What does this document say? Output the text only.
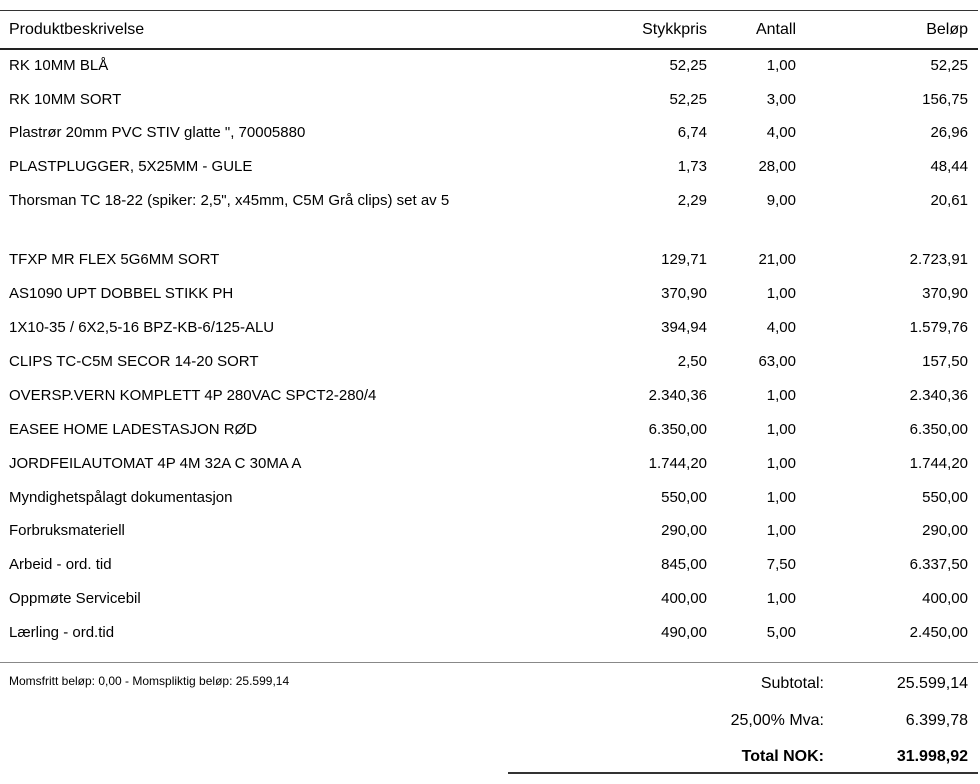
Produktbeskrivelse	Stykkpris	Antall	Beløp
RK 10MM BLÅ	52,25	1,00	52,25
RK 10MM SORT	52,25	3,00	156,75
Plastrør 20mm PVC STIV glatte ", 70005880	6,74	4,00	26,96
PLASTPLUGGER, 5X25MM - GULE	1,73	28,00	48,44
Thorsman TC 18-22 (spiker: 2,5", x45mm, C5M Grå clips) set av 5	2,29	9,00	20,61
TFXP MR FLEX 5G6MM SORT	129,71	21,00	2.723,91
AS1090 UPT DOBBEL STIKK PH	370,90	1,00	370,90
1X10-35 / 6X2,5-16 BPZ-KB-6/125-ALU	394,94	4,00	1.579,76
CLIPS TC-C5M SECOR 14-20 SORT	2,50	63,00	157,50
OVERSP.VERN KOMPLETT 4P 280VAC SPCT2-280/4	2.340,36	1,00	2.340,36
EASEE HOME LADESTASJON RØD	6.350,00	1,00	6.350,00
JORDFEILAUTOMAT 4P 4M 32A C 30MA A	1.744,20	1,00	1.744,20
Myndighetspålagt dokumentasjon	550,00	1,00	550,00
Forbruksmateriell	290,00	1,00	290,00
Arbeid - ord. tid	845,00	7,50	6.337,50
Oppmøte Servicebil	400,00	1,00	400,00
Lærling - ord.tid	490,00	5,00	2.450,00
Momsfritt beløp: 0,00 - Momspliktig beløp: 25.599,14	Subtotal:	25.599,14
25,00% Mva:	6.399,78
Total NOK:	31.998,92
